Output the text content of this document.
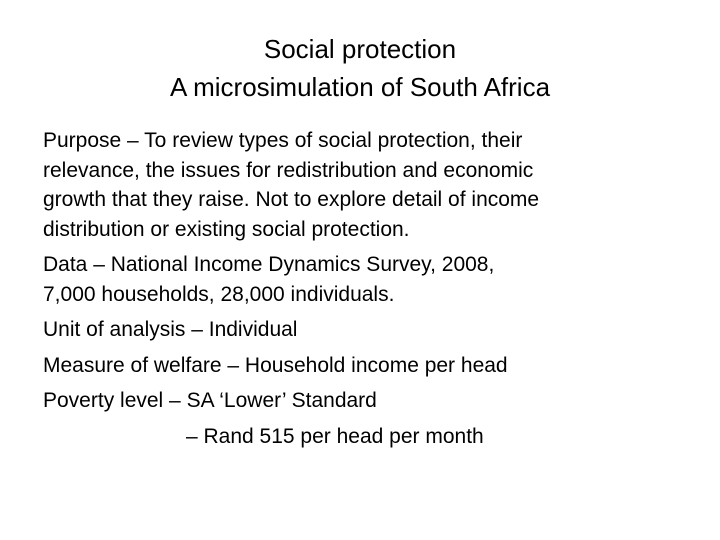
Social protection
A microsimulation of South Africa
Purpose – To review types of social protection, their
relevance, the issues for redistribution and economic
growth that they raise. Not to explore detail of income
distribution or existing social protection.
Data – National Income Dynamics Survey, 2008,
7,000 households, 28,000 individuals.
Unit of analysis – Individual
Measure of welfare – Household income per head
Poverty level – SA ‘Lower’ Standard
– Rand 515 per head per month
